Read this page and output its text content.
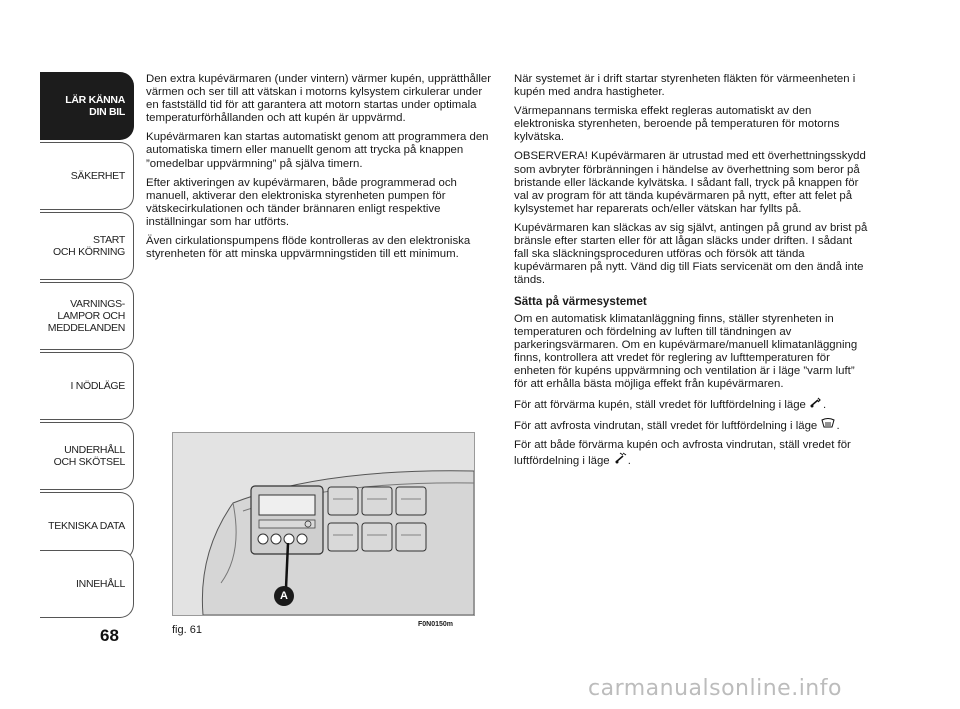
LÄR KÄNNA
DIN BIL
SÄKERHET
START
OCH KÖRNING
VARNINGS-
LAMPOR OCH
MEDDELANDEN
I NÖDLÄGE
UNDERHÅLL
OCH SKÖTSEL
TEKNISKA DATA
INNEHÅLL
68

Den extra kupévärmaren (under vintern) värmer kupén, upprätthåller värmen och ser till att vätskan i motorns kylsystem cirkulerar under en fastställd tid för att garantera att motorn startas under optimala temperaturförhållanden och att kupén är uppvärmd.

Kupévärmaren kan startas automatiskt genom att programmera den automatiska timern eller manuellt genom att trycka på knappen ”omedelbar uppvärmning” på själva timern.

Efter aktiveringen av kupévärmaren, både programmerad och manuell, aktiverar den elektroniska styrenheten pumpen för vätskecirkulationen och tänder brännaren enligt respektive inställningar som har utförts.

Även cirkulationspumpens flöde kontrolleras av den elektroniska styrenheten för att minska uppvärmningstiden till ett minimum.

A
fig. 61	F0N0150m

När systemet är i drift startar styrenheten fläkten för värmeenheten i kupén med andra hastigheter.

Värmepannans termiska effekt regleras automatiskt av den elektroniska styrenheten, beroende på temperaturen för motorns kylvätska.

OBSERVERA! Kupévärmaren är utrustad med ett överhettningsskydd som avbryter förbränningen i händelse av överhettning som beror på bristande eller läckande kylvätska. I sådant fall, tryck på knappen för val av program för att tända kupévärmaren på nytt, efter att felet på kylsystemet har reparerats och/eller vätskan har fyllts på.

Kupévärmaren kan släckas av sig självt, antingen på grund av brist på bränsle efter starten eller för att lågan släcks under driften. I sådant fall ska släckningsproceduren utföras och försök att tända kupévärmaren på nytt. Vänd dig till Fiats servicenät om den ändå inte tänds.

Sätta på värmesystemet

Om en automatisk klimatanläggning finns, ställer styrenheten in temperaturen och fördelning av luften till tändningen av parkeringsvärmaren. Om en kupévärmare/manuell klimatanläggning finns, kontrollera att vredet för reglering av lufttemperaturen för enheten för kupéns uppvärmning och ventilation är i läge ”varm luft” för att erhålla bästa möjliga effekt från kupévärmaren.

För att förvärma kupén, ställ vredet för luftfördelning i läge .

För att avfrosta vindrutan, ställ vredet för luftfördelning i läge .

För att både förvärma kupén och avfrosta vindrutan, ställ vredet för luftfördelning i läge .

carmanualsonline.info
